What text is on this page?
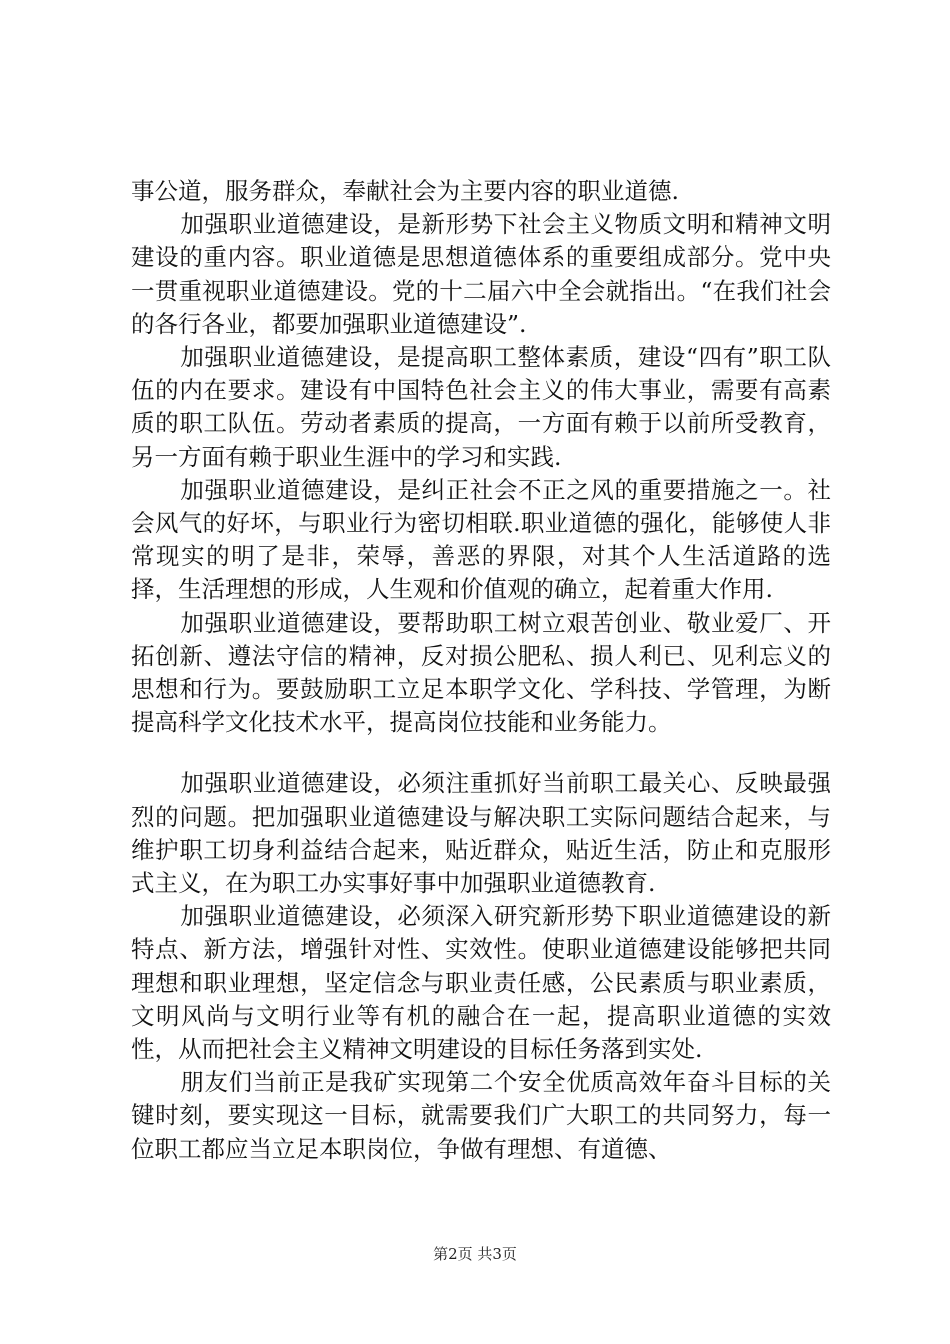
事公道，服务群众，奉献社会为主要内容的职业道德.

加强职业道德建设，是新形势下社会主义物质文明和精神文明建设的重内容。职业道德是思想道德体系的重要组成部分。党中央一贯重视职业道德建设。党的十二届六中全会就指出。“在我们社会的各行各业，都要加强职业道德建设”.

加强职业道德建设，是提高职工整体素质，建设“四有”职工队伍的内在要求。建设有中国特色社会主义的伟大事业，需要有高素质的职工队伍。劳动者素质的提高，一方面有赖于以前所受教育，另一方面有赖于职业生涯中的学习和实践.

加强职业道德建设，是纠正社会不正之风的重要措施之一。社会风气的好坏，与职业行为密切相联.职业道德的强化，能够使人非常现实的明了是非，荣辱，善恶的界限，对其个人生活道路的选择，生活理想的形成，人生观和价值观的确立，起着重大作用.

加强职业道德建设，要帮助职工树立艰苦创业、敬业爱厂、开拓创新、遵法守信的精神，反对损公肥私、损人利已、见利忘义的思想和行为。要鼓励职工立足本职学文化、学科技、学管理，为断提高科学文化技术水平，提高岗位技能和业务能力。

加强职业道德建设，必须注重抓好当前职工最关心、反映最强烈的问题。把加强职业道德建设与解决职工实际问题结合起来，与维护职工切身利益结合起来，贴近群众，贴近生活，防止和克服形式主义，在为职工办实事好事中加强职业道德教育.

加强职业道德建设，必须深入研究新形势下职业道德建设的新特点、新方法，增强针对性、实效性。使职业道德建设能够把共同理想和职业理想，坚定信念与职业责任感，公民素质与职业素质，文明风尚与文明行业等有机的融合在一起，提高职业道德的实效性，从而把社会主义精神文明建设的目标任务落到实处.

朋友们当前正是我矿实现第二个安全优质高效年奋斗目标的关键时刻，要实现这一目标，就需要我们广大职工的共同努力，每一位职工都应当立足本职岗位，争做有理想、有道德、

第2页 共3页
